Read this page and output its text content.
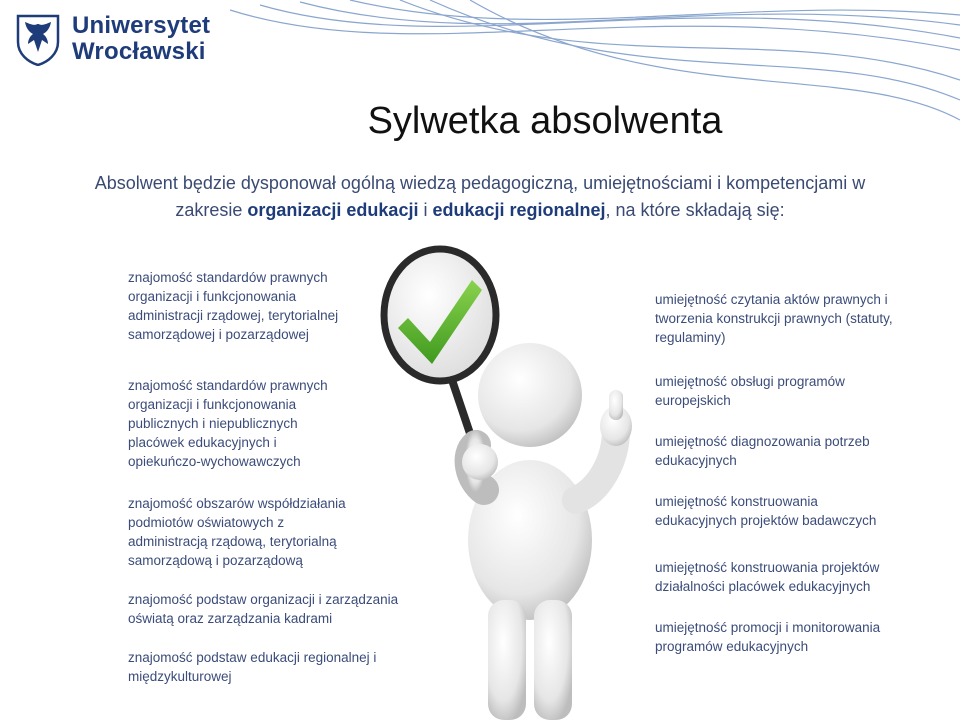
Uniwersytet
Wrocławski
Sylwetka absolwenta

Absolwent będzie dysponował ogólną wiedzą pedagogiczną, umiejętnościami i kompetencjami w zakresie organizacji edukacji i edukacji regionalnej, na które składają się:

znajomość standardów prawnych
organizacji i funkcjonowania
administracji rządowej, terytorialnej
samorządowej i pozarządowej

znajomość standardów prawnych
organizacji i funkcjonowania
publicznych i niepublicznych
placówek edukacyjnych i
opiekuńczo-wychowawczych

znajomość obszarów współdziałania
podmiotów oświatowych z
administracją rządową, terytorialną
samorządową i pozarządową

znajomość podstaw organizacji i zarządzania
oświatą oraz zarządzania kadrami

znajomość podstaw edukacji regionalnej i
międzykulturowej

umiejętność czytania aktów prawnych i
tworzenia konstrukcji prawnych (statuty,
regulaminy)

umiejętność obsługi programów
europejskich

umiejętność diagnozowania potrzeb
edukacyjnych

umiejętność konstruowania
edukacyjnych projektów badawczych

umiejętność konstruowania projektów
działalności placówek edukacyjnych

umiejętność promocji i monitorowania
programów edukacyjnych
